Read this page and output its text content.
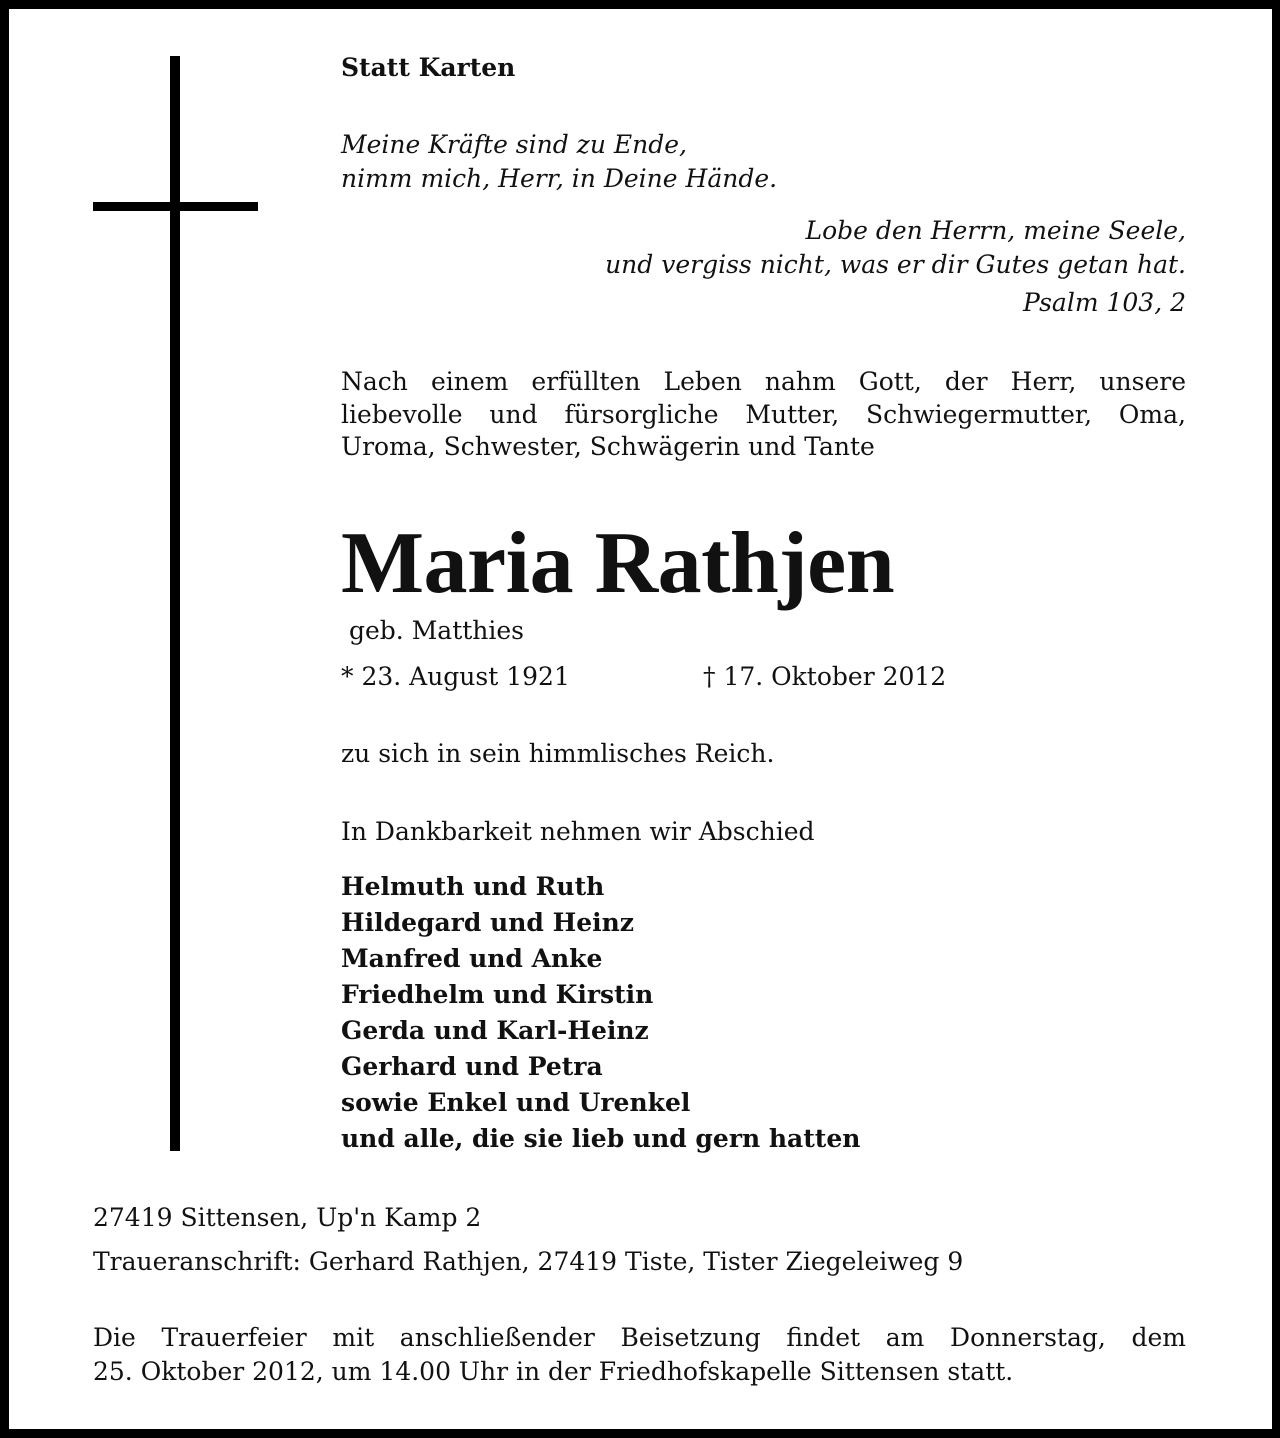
Statt Karten
Meine Kräfte sind zu Ende,
nimm mich, Herr, in Deine Hände.
Lobe den Herrn, meine Seele,
und vergiss nicht, was er dir Gutes getan hat.
Psalm 103, 2
Nach einem erfüllten Leben nahm Gott, der Herr, unsere
liebevolle und fürsorgliche Mutter, Schwiegermutter, Oma,
Uroma, Schwester, Schwägerin und Tante
Maria Rathjen
geb. Matthies
* 23. August 1921	† 17. Oktober 2012
zu sich in sein himmlisches Reich.
In Dankbarkeit nehmen wir Abschied
Helmuth und Ruth
Hildegard und Heinz
Manfred und Anke
Friedhelm und Kirstin
Gerda und Karl-Heinz
Gerhard und Petra
sowie Enkel und Urenkel
und alle, die sie lieb und gern hatten
27419 Sittensen, Up'n Kamp 2
Traueranschrift: Gerhard Rathjen, 27419 Tiste, Tister Ziegeleiweg 9
Die Trauerfeier mit anschließender Beisetzung findet am Donnerstag, dem
25. Oktober 2012, um 14.00 Uhr in der Friedhofskapelle Sittensen statt.
